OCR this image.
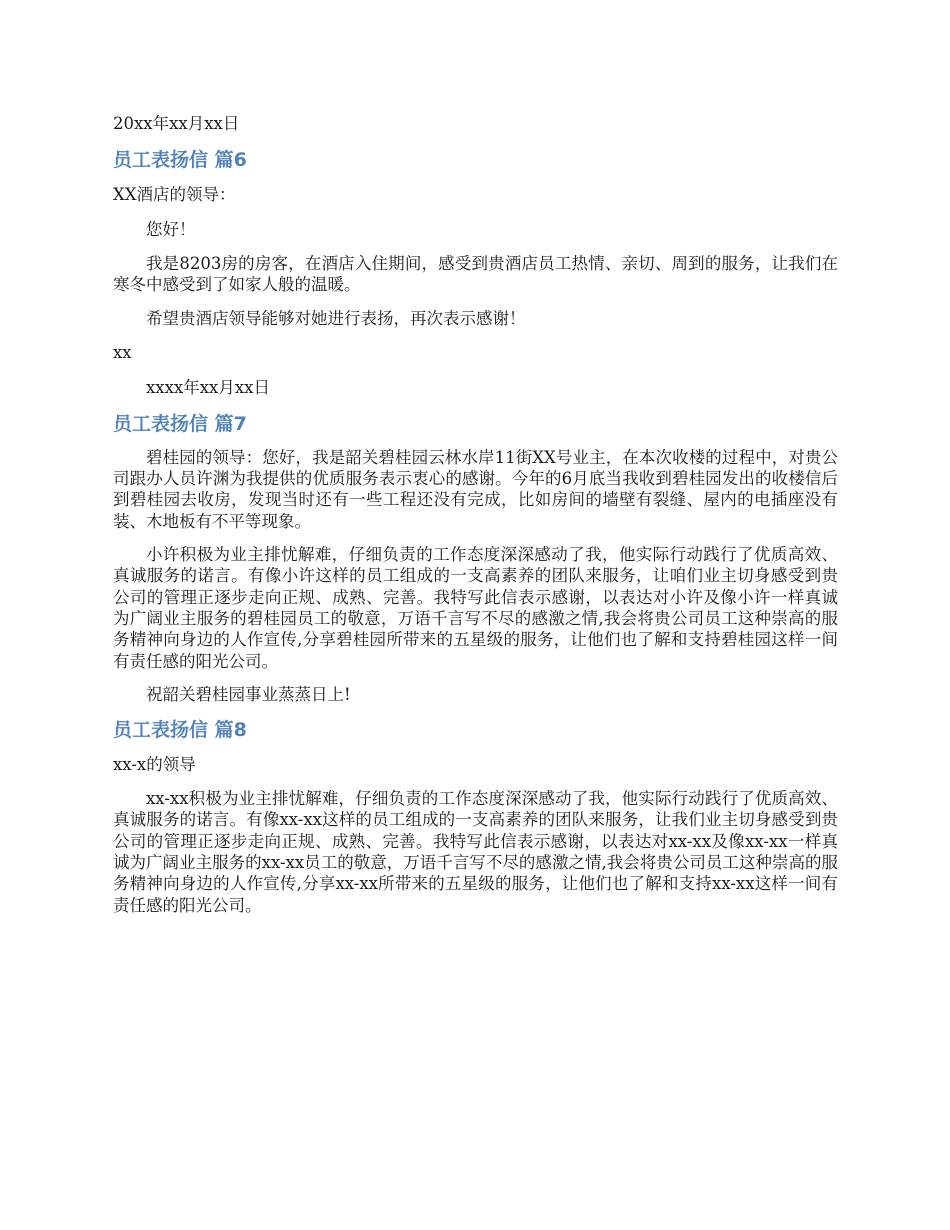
20xx年xx月xx日

员工表扬信 篇6

XX酒店的领导：

您好！

我是8203房的房客，在酒店入住期间，感受到贵酒店员工热情、亲切、周到的服务，让我们在寒冬中感受到了如家人般的温暖。

希望贵酒店领导能够对她进行表扬，再次表示感谢！

xx

xxxx年xx月xx日

员工表扬信 篇7

碧桂园的领导：您好，我是韶关碧桂园云林水岸11街XX号业主，在本次收楼的过程中，对贵公司跟办人员许渊为我提供的优质服务表示衷心的感谢。今年的6月底当我收到碧桂园发出的收楼信后到碧桂园去收房，发现当时还有一些工程还没有完成，比如房间的墙壁有裂缝、屋内的电插座没有装、木地板有不平等现象。

小许积极为业主排忧解难，仔细负责的工作态度深深感动了我，他实际行动践行了优质高效、真诚服务的诺言。有像小许这样的员工组成的一支高素养的团队来服务，让咱们业主切身感受到贵公司的管理正逐步走向正规、成熟、完善。我特写此信表示感谢，以表达对小许及像小许一样真诚为广阔业主服务的碧桂园员工的敬意，万语千言写不尽的感激之情,我会将贵公司员工这种崇高的服务精神向身边的人作宣传,分享碧桂园所带来的五星级的服务，让他们也了解和支持碧桂园这样一间有责任感的阳光公司。

祝韶关碧桂园事业蒸蒸日上!

员工表扬信 篇8

xx-x的领导

xx-xx积极为业主排忧解难，仔细负责的工作态度深深感动了我，他实际行动践行了优质高效、真诚服务的诺言。有像xx-xx这样的员工组成的一支高素养的团队来服务，让我们业主切身感受到贵公司的管理正逐步走向正规、成熟、完善。我特写此信表示感谢，以表达对xx-xx及像xx-xx一样真诚为广阔业主服务的xx-xx员工的敬意，万语千言写不尽的感激之情,我会将贵公司员工这种崇高的服务精神向身边的人作宣传,分享xx-xx所带来的五星级的服务，让他们也了解和支持xx-xx这样一间有责任感的阳光公司。
